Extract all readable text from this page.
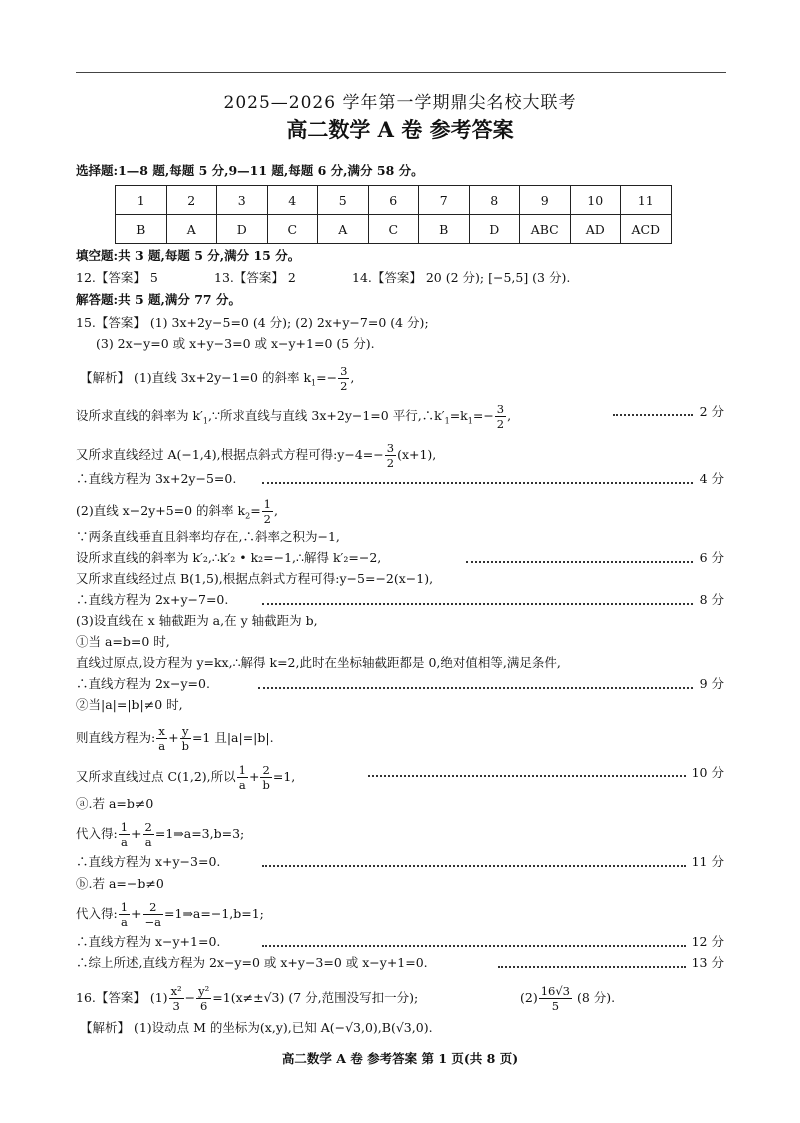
2025—2026 学年第一学期鼎尖名校大联考
高二数学 A 卷 参考答案
选择题:1—8 题,每题 5 分,9—11 题,每题 6 分,满分 58 分。
1	2	3	4	5	6	7	8	9	10	11
B	A	D	C	A	C	B	D	ABC	AD	ACD
填空题:共 3 题,每题 5 分,满分 15 分。
12.【答案】 5	13.【答案】 2	14.【答案】 20 (2 分); [−5,5] (3 分).
解答题:共 5 题,满分 77 分。
15.【答案】 (1) 3x+2y−5=0 (4 分); (2) 2x+y−7=0 (4 分);
(3) 2x−y=0 或 x+y−3=0 或 x−y+1=0 (5 分).
【解析】 (1)直线 3x+2y−1=0 的斜率 $k_1=- \frac{3}{2}$ ,
设所求直线的斜率为 $k'_1,\because$所求直线与直线 3x+2y−1=0 平行$,\therefore k'_1=k_1=- \frac{3}{2}$ ,	2 分
又所求直线经过 A(−1,4),根据点斜式方程可得:y−4=− $\frac{3}{2} (x+1)$,
∴直线方程为 3x+2y−5=0.	4 分
(2)直线 x−2y+5=0 的斜率 $k_2= \frac{1}{2}$ ,
∵两条直线垂直且斜率均存在,∴斜率之积为−1,
设所求直线的斜率为 k′₂,∴k′₂ • k₂=−1,∴解得 k′₂=−2,	6 分
又所求直线经过点 B(1,5),根据点斜式方程可得:y−5=−2(x−1),
∴直线方程为 2x+y−7=0.	8 分
(3)设直线在 x 轴截距为 a,在 y 轴截距为 b,
①当 a=b=0 时,
直线过原点,设方程为 y=kx,∴解得 k=2,此时在坐标轴截距都是 0,绝对值相等,满足条件,
∴直线方程为 2x−y=0.	9 分
②当|a|=|b|≠0 时,
则直线方程为: $\frac{x}{a} + \frac{y}{b} =1$ 且|a|=|b|.
又所求直线过点 C(1,2),所以 $\frac{1}{a} + \frac{2}{b} =1$,	10 分
ⓐ.若 a=b≠0
代入得: $\frac{1}{a} + \frac{2}{a}$ =1⇒a=3,b=3;
∴直线方程为 x+y−3=0.	11 分
ⓑ.若 a=−b≠0
代入得: $\frac{1}{a} + \frac{2}{-a}$ =1⇒a=−1,b=1;
∴直线方程为 x−y+1=0.	12 分
∴综上所述,直线方程为 2x−y=0 或 x+y−3=0 或 x−y+1=0.	13 分
16.【答案】 $(1) \frac{\text{x²}}{3} - \frac{\text{y²}}{6} =1(x\ne\pm√3)$ (7 分,范围没写扣一分);	$(2) \frac{16√3}{5} (8$ 分).
【解析】 (1)设动点 M 的坐标为(x,y),已知 A(−√3,0),B(√3,0).
高二数学 A 卷 参考答案 第 1 页(共 8 页)
